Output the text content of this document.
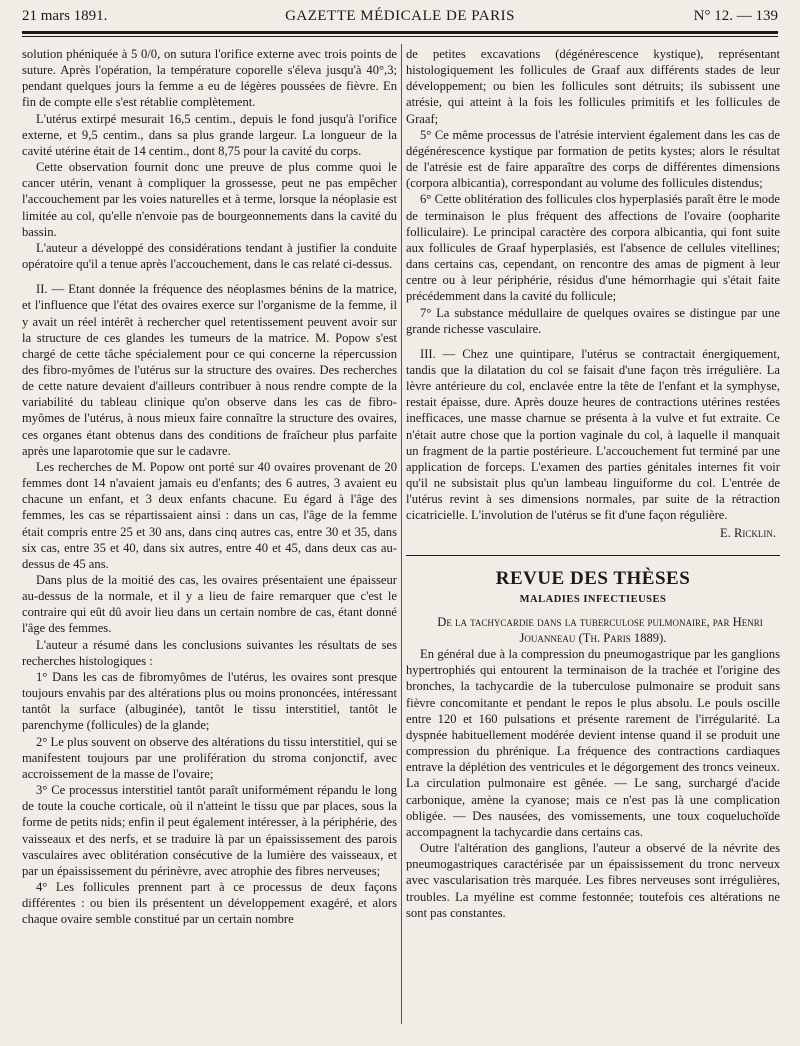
21 mars 1891.	GAZETTE MÉDICALE DE PARIS	N° 12. — 139

solution phéniquée à 5 0/0, on sutura l'orifice externe avec trois points de suture. Après l'opération, la température coporelle s'éleva jusqu'à 40°,3; pendant quelques jours la femme a eu de légères poussées de fièvre. En fin de compte elle s'est rétablie complètement.

L'utérus extirpé mesurait 16,5 centim., depuis le fond jusqu'à l'orifice externe, et 9,5 centim., dans sa plus grande largeur. La longueur de la cavité utérine était de 14 centim., dont 8,75 pour la cavité du corps.

Cette observation fournit donc une preuve de plus comme quoi le cancer utérin, venant à compliquer la grossesse, peut ne pas empêcher l'accouchement par les voies naturelles et à terme, lorsque la néoplasie est limitée au col, qu'elle n'envoie pas de bourgeonnements dans la cavité du bassin.

L'auteur a développé des considérations tendant à justifier la conduite opératoire qu'il a tenue après l'accouchement, dans le cas relaté ci-dessus.

II. — Etant donnée la fréquence des néoplasmes bénins de la matrice, et l'influence que l'état des ovaires exerce sur l'organisme de la femme, il y avait un réel intérêt à rechercher quel retentissement peuvent avoir sur la structure de ces glandes les tumeurs de la matrice. M. Popow s'est chargé de cette tâche spécialement pour ce qui concerne la répercussion des fibro-myômes de l'utérus sur la structure des ovaires. Des recherches de cette nature devaient d'ailleurs contribuer à nous rendre compte de la variabilité du tableau clinique qu'on observe dans les cas de fibro-myômes de l'utérus, à nous mieux faire connaître la structure des ovaires, ces organes étant obtenus dans des conditions de fraîcheur plus parfaite après une laparotomie que sur le cadavre.

Les recherches de M. Popow ont porté sur 40 ovaires provenant de 20 femmes dont 14 n'avaient jamais eu d'enfants; des 6 autres, 3 avaient eu chacune un enfant, et 3 deux enfants chacune. Eu égard à l'âge des femmes, les cas se répartissaient ainsi : dans un cas, l'âge de la femme était compris entre 25 et 30 ans, dans cinq autres cas, entre 30 et 35, dans six cas, entre 35 et 40, dans six autres, entre 40 et 45, dans deux cas au-dessus de 45 ans.

Dans plus de la moitié des cas, les ovaires présentaient une épaisseur au-dessus de la normale, et il y a lieu de faire remarquer que c'est le contraire qui eût dû avoir lieu dans un certain nombre de cas, étant donné l'âge des femmes.

L'auteur a résumé dans les conclusions suivantes les résultats de ses recherches histologiques :

1° Dans les cas de fibromyômes de l'utérus, les ovaires sont presque toujours envahis par des altérations plus ou moins prononcées, intéressant tantôt la surface (albuginée), tantôt le tissu interstitiel, tantôt le parenchyme (follicules) de la glande;

2° Le plus souvent on observe des altérations du tissu interstitiel, qui se manifestent toujours par une prolifération du stroma conjonctif, avec accroissement de la masse de l'ovaire;

3° Ce processus interstitiel tantôt paraît uniformément répandu le long de toute la couche corticale, où il n'atteint le tissu que par places, sous la forme de petits nids; enfin il peut également intéresser, à la périphérie, des vaisseaux et des nerfs, et se traduire là par un épaississement des parois vasculaires avec oblitération consécutive de la lumière des vaisseaux, et par un épaississement du périnèvre, avec atrophie des fibres nerveuses;

4° Les follicules prennent part à ce processus de deux façons différentes : ou bien ils présentent un développement exagéré, et alors chaque ovaire semble constitué par un certain nombre

de petites excavations (dégénérescence kystique), représentant histologiquement les follicules de Graaf aux différents stades de leur développement; ou bien les follicules sont détruits; ils subissent une atrésie, qui atteint à la fois les follicules primitifs et les follicules de Graaf;

5° Ce même processus de l'atrésie intervient également dans les cas de dégénérescence kystique par formation de petits kystes; alors le résultat de l'atrésie est de faire apparaître des corps de différentes dimensions (corpora albicantia), correspondant au volume des follicules distendus;

6° Cette oblitération des follicules clos hyperplasiés paraît être le mode de terminaison le plus fréquent des affections de l'ovaire (oopharite folliculaire). Le principal caractère des corpora albicantia, qui font suite aux follicules de Graaf hyperplasiés, est l'absence de cellules vitellines; dans certains cas, cependant, on rencontre des amas de pigment à leur centre ou à leur périphérie, résidus d'une hémorrhagie qui s'était faite précédemment dans la cavité du follicule;

7° La substance médullaire de quelques ovaires se distingue par une grande richesse vasculaire.

III. — Chez une quintipare, l'utérus se contractait énergiquement, tandis que la dilatation du col se faisait d'une façon très irrégulière. La lèvre antérieure du col, enclavée entre la tête de l'enfant et la symphyse, restait épaisse, dure. Après douze heures de contractions utérines restées inefficaces, une masse charnue se présenta à la vulve et fut extraite. Ce n'était autre chose que la portion vaginale du col, à laquelle il manquait un fragment de la partie postérieure. L'accouchement fut terminé par une application de forceps. L'examen des parties génitales internes fit voir qu'il ne subsistait plus qu'un lambeau linguiforme du col. L'entrée de l'utérus revint à ses dimensions normales, par suite de la rétraction cicatricielle. L'involution de l'utérus se fit d'une façon régulière.

E. Ricklin.
REVUE DES THÈSES
MALADIES INFECTIEUSES

De la tachycardie dans la tuberculose pulmonaire, par Henri Jouanneau (Th. Paris 1889).

En général due à la compression du pneumogastrique par les ganglions hypertrophiés qui entourent la terminaison de la trachée et l'origine des bronches, la tachycardie de la tuberculose pulmonaire se produit sans fièvre concomitante et pendant le repos le plus absolu. Le pouls oscille entre 120 et 160 pulsations et présente rarement de l'irrégularité. La dyspnée habituellement modérée devient intense quand il se produit une compression du phrénique. La fréquence des contractions cardiaques entrave la déplétion des ventricules et le dégorgement des troncs veineux. La circulation pulmonaire est gênée. — Le sang, surchargé d'acide carbonique, amène la cyanose; mais ce n'est pas là une complication obligée. — Des nausées, des vomissements, une toux coqueluchoïde accompagnent la tachycardie dans certains cas.

Outre l'altération des ganglions, l'auteur a observé de la névrite des pneumogastriques caractérisée par un épaississement du tronc nerveux avec vascularisation très marquée. Les fibres nerveuses sont irrégulières, troubles. La myéline est comme festonnée; toutefois ces altérations ne sont pas constantes.
